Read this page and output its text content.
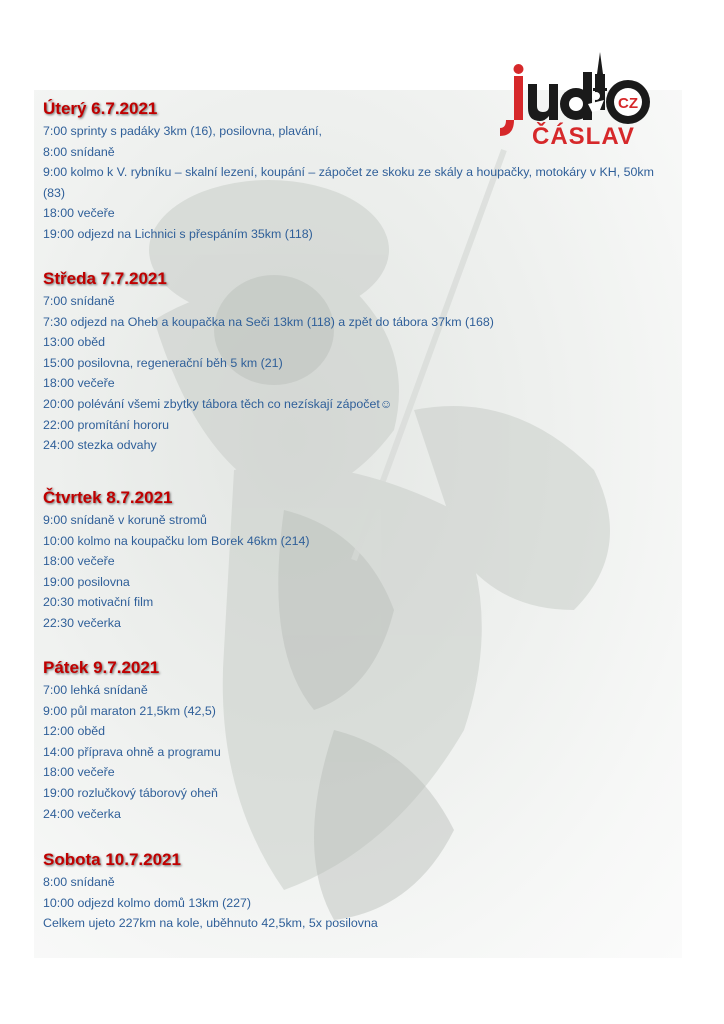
CZ
ČÁSLAV
Úterý 6.7.2021
7:00 sprinty s padáky 3km (16), posilovna, plavání,
8:00 snídaně
9:00 kolmo k V. rybníku – skalní lezení, koupání – zápočet ze skoku ze skály a houpačky, motokáry v KH, 50km (83)
18:00 večeře
19:00 odjezd na Lichnici s přespáním 35km (118)
Středa 7.7.2021
7:00 snídaně
7:30 odjezd na Oheb a koupačka na Seči 13km (118) a zpět do tábora 37km (168)
13:00 oběd
15:00 posilovna, regenerační běh 5 km (21)
18:00 večeře
20:00 polévání všemi zbytky tábora těch co nezískají zápočet☺
22:00 promítání hororu
24:00 stezka odvahy
Čtvrtek 8.7.2021
9:00 snídaně v koruně stromů
10:00 kolmo na koupačku lom Borek 46km (214)
18:00 večeře
19:00 posilovna
20:30 motivační film
22:30 večerka
Pátek 9.7.2021
7:00 lehká snídaně
9:00 půl maraton 21,5km (42,5)
12:00 oběd
14:00 příprava ohně a programu
18:00 večeře
19:00 rozlučkový táborový oheň
24:00 večerka
Sobota 10.7.2021
8:00 snídaně
10:00 odjezd kolmo domů 13km (227)
Celkem ujeto 227km na kole, uběhnuto 42,5km, 5x posilovna
